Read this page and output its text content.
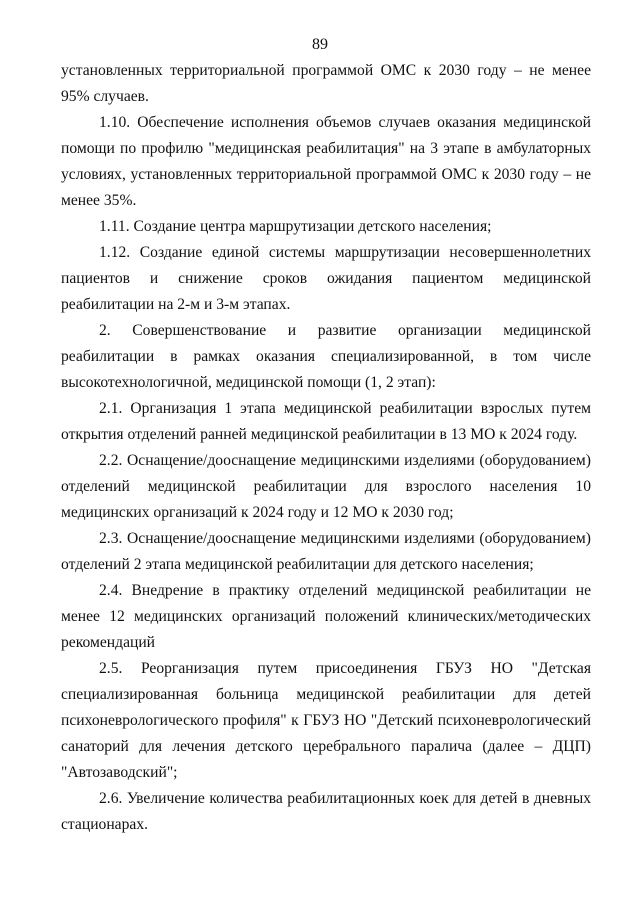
89

установленных территориальной программой ОМС к 2030 году – не менее 95% случаев.

1.10. Обеспечение исполнения объемов случаев оказания медицинской помощи по профилю "медицинская реабилитация" на 3 этапе в амбулаторных условиях, установленных территориальной программой ОМС к 2030 году – не менее 35%.

1.11. Создание центра маршрутизации детского населения;

1.12. Создание единой системы маршрутизации несовершеннолетних пациентов и снижение сроков ожидания пациентом медицинской реабилитации на 2-м и 3-м этапах.

2. Совершенствование и развитие организации медицинской реабилитации в рамках оказания специализированной, в том числе высокотехнологичной, медицинской помощи (1, 2 этап):

2.1. Организация 1 этапа медицинской реабилитации взрослых путем открытия отделений ранней медицинской реабилитации в 13 МО к 2024 году.

2.2. Оснащение/дооснащение медицинскими изделиями (оборудованием) отделений медицинской реабилитации для взрослого населения 10 медицинских организаций к 2024 году и 12 МО к 2030 год;

2.3. Оснащение/дооснащение медицинскими изделиями (оборудованием) отделений 2 этапа медицинской реабилитации для детского населения;

2.4. Внедрение в практику отделений медицинской реабилитации не менее 12 медицинских организаций положений клинических/методических рекомендаций

2.5. Реорганизация путем присоединения ГБУЗ НО "Детская специализированная больница медицинской реабилитации для детей психоневрологического профиля" к ГБУЗ НО "Детский психоневрологический санаторий для лечения детского церебрального паралича (далее – ДЦП) "Автозаводский";

2.6. Увеличение количества реабилитационных коек для детей в дневных стационарах.
